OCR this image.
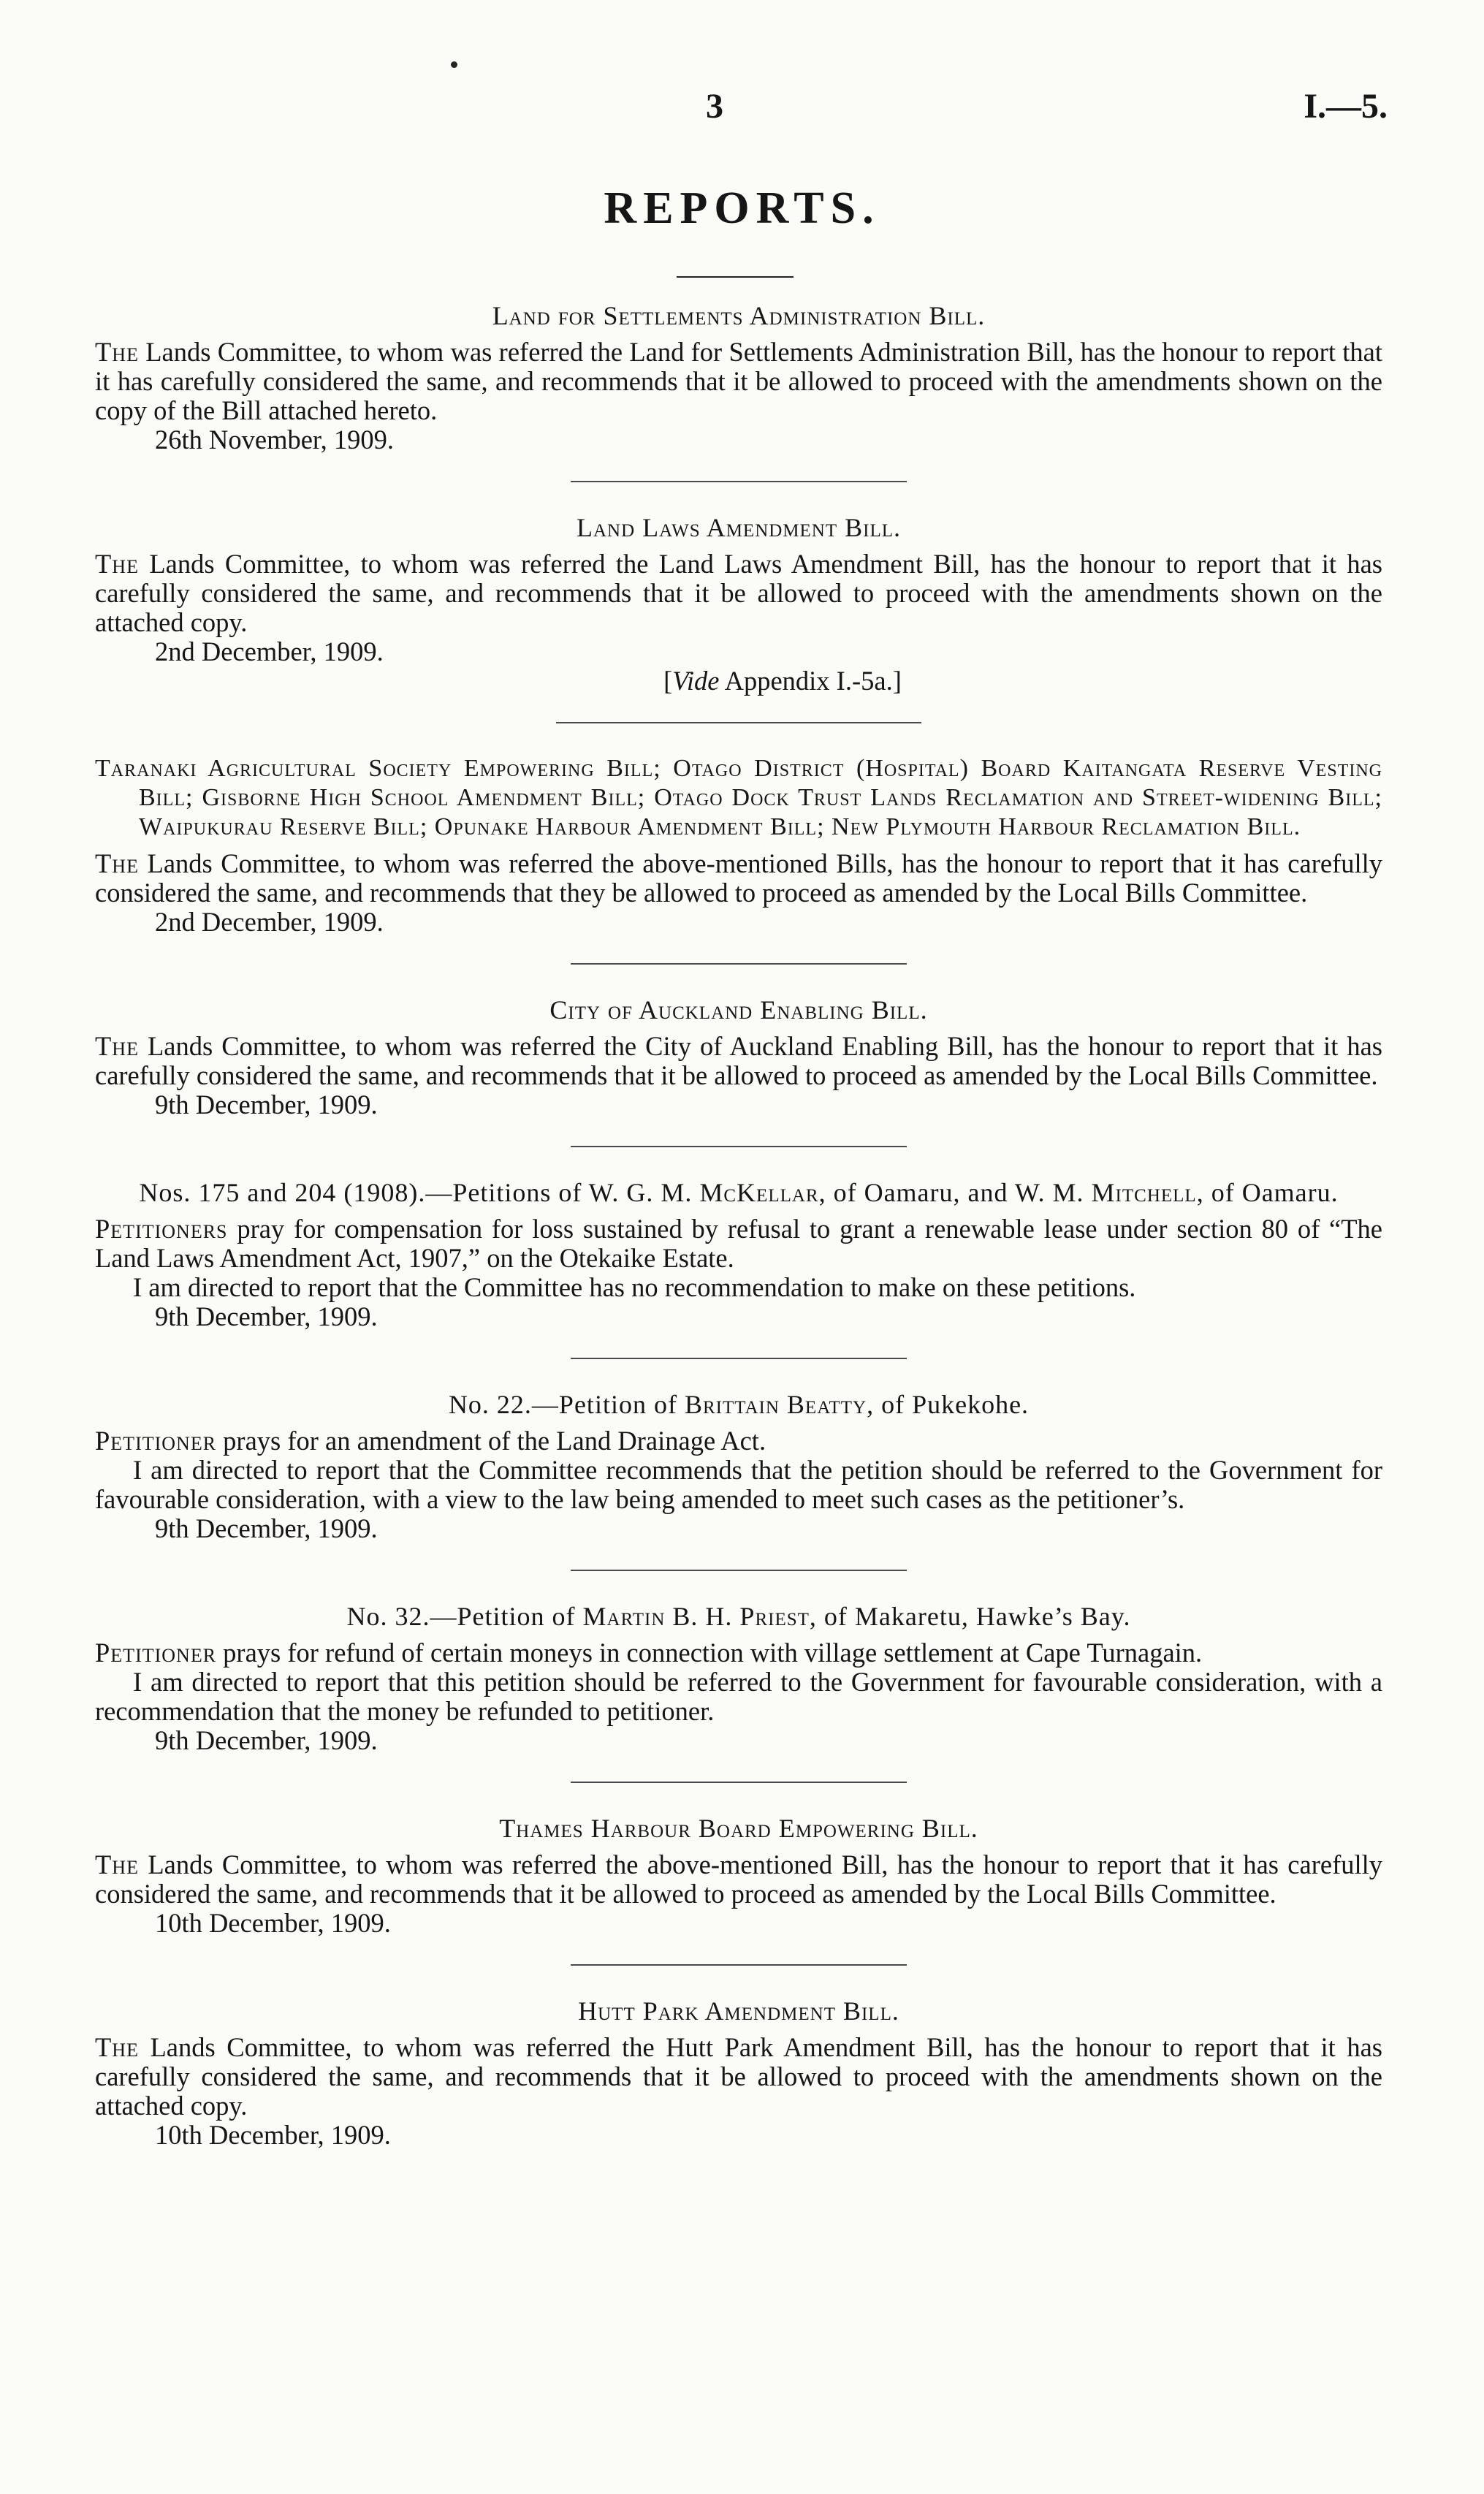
3	I.—5.
REPORTS.

Land for Settlements Administration Bill.

The Lands Committee, to whom was referred the Land for Settlements Administration Bill, has the honour to report that it has carefully considered the same, and recommends that it be allowed to proceed with the amendments shown on the copy of the Bill attached hereto.

26th November, 1909.

Land Laws Amendment Bill.

The Lands Committee, to whom was referred the Land Laws Amendment Bill, has the honour to report that it has carefully considered the same, and recommends that it be allowed to proceed with the amendments shown on the attached copy.

2nd December, 1909.

[Vide Appendix I.-5a.]

Taranaki Agricultural Society Empowering Bill; Otago District (Hospital) Board Kaitangata Reserve Vesting Bill; Gisborne High School Amendment Bill; Otago Dock Trust Lands Reclamation and Street-widening Bill; Waipukurau Reserve Bill; Opunake Harbour Amendment Bill; New Plymouth Harbour Reclamation Bill.

The Lands Committee, to whom was referred the above-mentioned Bills, has the honour to report that it has carefully considered the same, and recommends that they be allowed to proceed as amended by the Local Bills Committee.

2nd December, 1909.

City of Auckland Enabling Bill.

The Lands Committee, to whom was referred the City of Auckland Enabling Bill, has the honour to report that it has carefully considered the same, and recommends that it be allowed to proceed as amended by the Local Bills Committee.

9th December, 1909.

Nos. 175 and 204 (1908).—Petitions of W. G. M. McKellar, of Oamaru, and W. M. Mitchell, of Oamaru.

Petitioners pray for compensation for loss sustained by refusal to grant a renewable lease under section 80 of “The Land Laws Amendment Act, 1907,” on the Otekaike Estate.

I am directed to report that the Committee has no recommendation to make on these petitions.

9th December, 1909.

No. 22.—Petition of Brittain Beatty, of Pukekohe.

Petitioner prays for an amendment of the Land Drainage Act.

I am directed to report that the Committee recommends that the petition should be referred to the Government for favourable consideration, with a view to the law being amended to meet such cases as the petitioner’s.

9th December, 1909.

No. 32.—Petition of Martin B. H. Priest, of Makaretu, Hawke’s Bay.

Petitioner prays for refund of certain moneys in connection with village settlement at Cape Turnagain.

I am directed to report that this petition should be referred to the Government for favourable consideration, with a recommendation that the money be refunded to petitioner.

9th December, 1909.

Thames Harbour Board Empowering Bill.

The Lands Committee, to whom was referred the above-mentioned Bill, has the honour to report that it has carefully considered the same, and recommends that it be allowed to proceed as amended by the Local Bills Committee.

10th December, 1909.

Hutt Park Amendment Bill.

The Lands Committee, to whom was referred the Hutt Park Amendment Bill, has the honour to report that it has carefully considered the same, and recommends that it be allowed to proceed with the amendments shown on the attached copy.

10th December, 1909.
